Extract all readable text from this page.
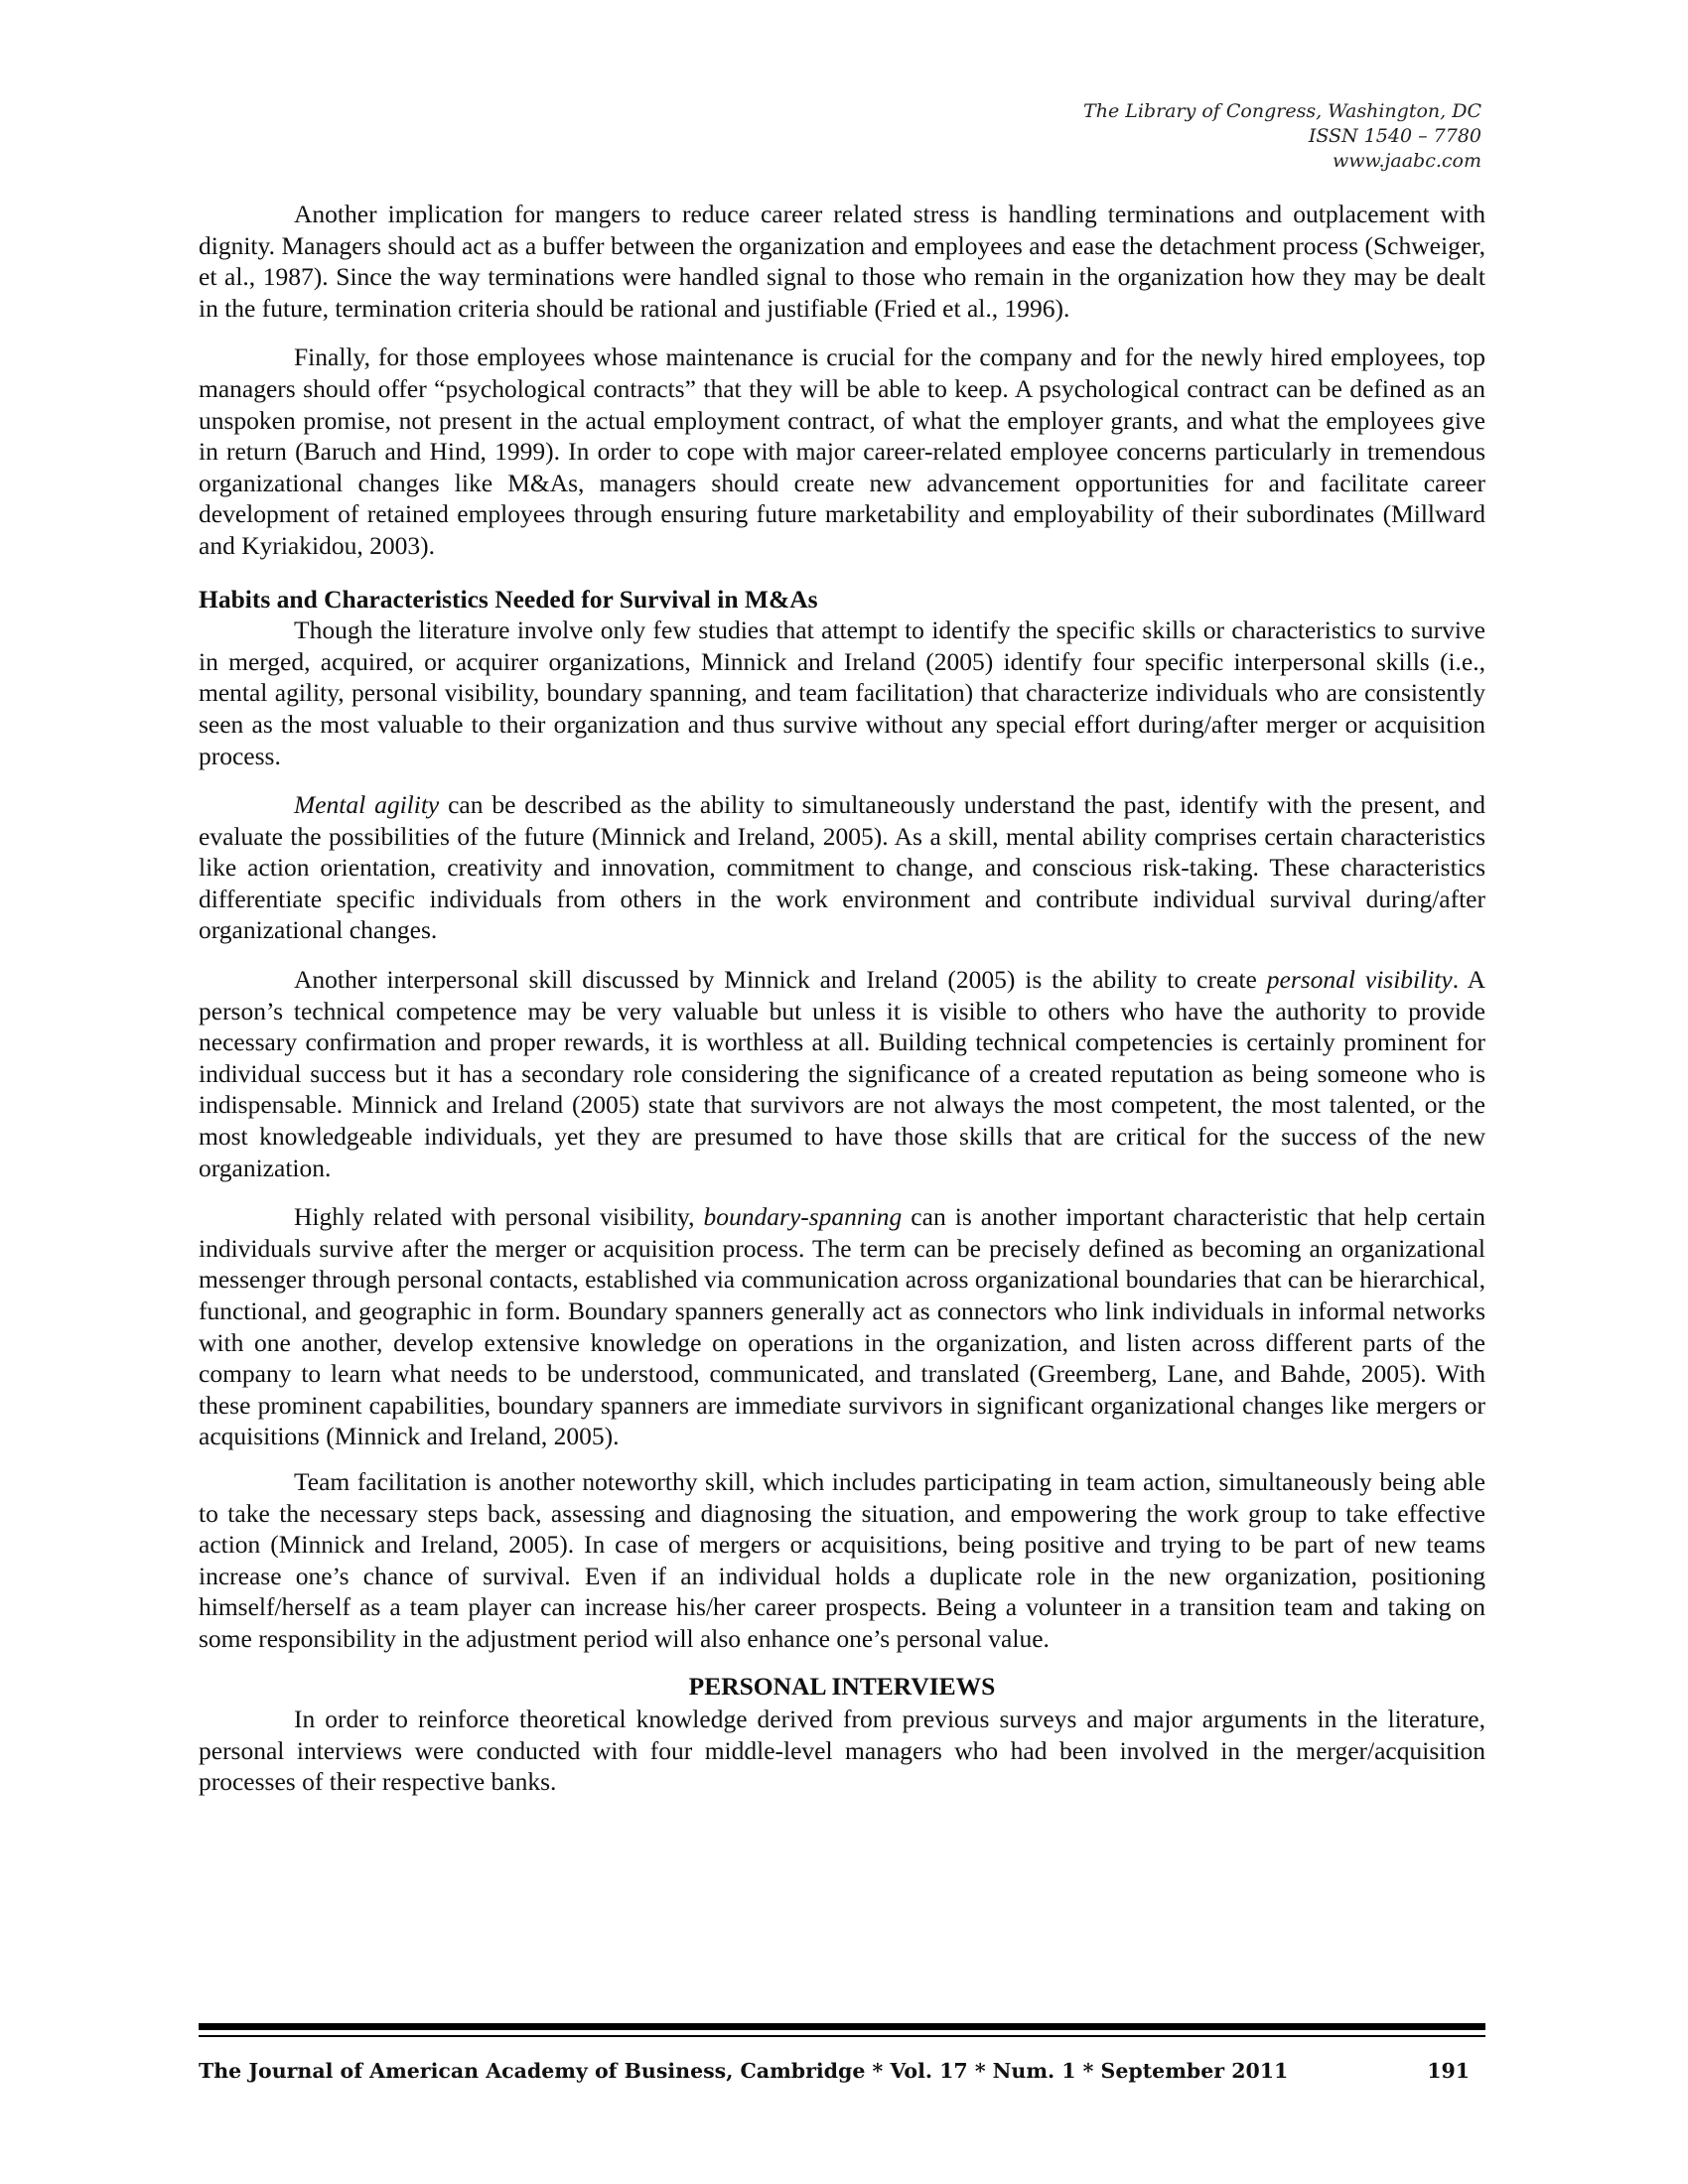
The Library of Congress, Washington, DC
ISSN 1540 – 7780
www.jaabc.com

Another implication for mangers to reduce career related stress is handling terminations and outplacement with dignity. Managers should act as a buffer between the organization and employees and ease the detachment process (Schweiger, et al., 1987). Since the way terminations were handled signal to those who remain in the organization how they may be dealt in the future, termination criteria should be rational and justifiable (Fried et al., 1996).

Finally, for those employees whose maintenance is crucial for the company and for the newly hired employees, top managers should offer “psychological contracts” that they will be able to keep. A psychological contract can be defined as an unspoken promise, not present in the actual employment contract, of what the employer grants, and what the employees give in return (Baruch and Hind, 1999). In order to cope with major career-related employee concerns particularly in tremendous organizational changes like M&As, managers should create new advancement opportunities for and facilitate career development of retained employees through ensuring future marketability and employability of their subordinates (Millward and Kyriakidou, 2003).

Habits and Characteristics Needed for Survival in M&As

Though the literature involve only few studies that attempt to identify the specific skills or characteristics to survive in merged, acquired, or acquirer organizations, Minnick and Ireland (2005) identify four specific interpersonal skills (i.e., mental agility, personal visibility, boundary spanning, and team facilitation) that characterize individuals who are consistently seen as the most valuable to their organization and thus survive without any special effort during/after merger or acquisition process.

Mental agility can be described as the ability to simultaneously understand the past, identify with the present, and evaluate the possibilities of the future (Minnick and Ireland, 2005). As a skill, mental ability comprises certain characteristics like action orientation, creativity and innovation, commitment to change, and conscious risk-taking. These characteristics differentiate specific individuals from others in the work environment and contribute individual survival during/after organizational changes.

Another interpersonal skill discussed by Minnick and Ireland (2005) is the ability to create personal visibility. A person’s technical competence may be very valuable but unless it is visible to others who have the authority to provide necessary confirmation and proper rewards, it is worthless at all. Building technical competencies is certainly prominent for individual success but it has a secondary role considering the significance of a created reputation as being someone who is indispensable. Minnick and Ireland (2005) state that survivors are not always the most competent, the most talented, or the most knowledgeable individuals, yet they are presumed to have those skills that are critical for the success of the new organization.

Highly related with personal visibility, boundary-spanning can is another important characteristic that help certain individuals survive after the merger or acquisition process. The term can be precisely defined as becoming an organizational messenger through personal contacts, established via communication across organizational boundaries that can be hierarchical, functional, and geographic in form. Boundary spanners generally act as connectors who link individuals in informal networks with one another, develop extensive knowledge on operations in the organization, and listen across different parts of the company to learn what needs to be understood, communicated, and translated (Greemberg, Lane, and Bahde, 2005). With these prominent capabilities, boundary spanners are immediate survivors in significant organizational changes like mergers or acquisitions (Minnick and Ireland, 2005).

Team facilitation is another noteworthy skill, which includes participating in team action, simultaneously being able to take the necessary steps back, assessing and diagnosing the situation, and empowering the work group to take effective action (Minnick and Ireland, 2005). In case of mergers or acquisitions, being positive and trying to be part of new teams increase one’s chance of survival. Even if an individual holds a duplicate role in the new organization, positioning himself/herself as a team player can increase his/her career prospects. Being a volunteer in a transition team and taking on some responsibility in the adjustment period will also enhance one’s personal value.

PERSONAL INTERVIEWS

In order to reinforce theoretical knowledge derived from previous surveys and major arguments in the literature, personal interviews were conducted with four middle-level managers who had been involved in the merger/acquisition processes of their respective banks.

The Journal of American Academy of Business, Cambridge * Vol. 17 * Num. 1 * September 2011	191
